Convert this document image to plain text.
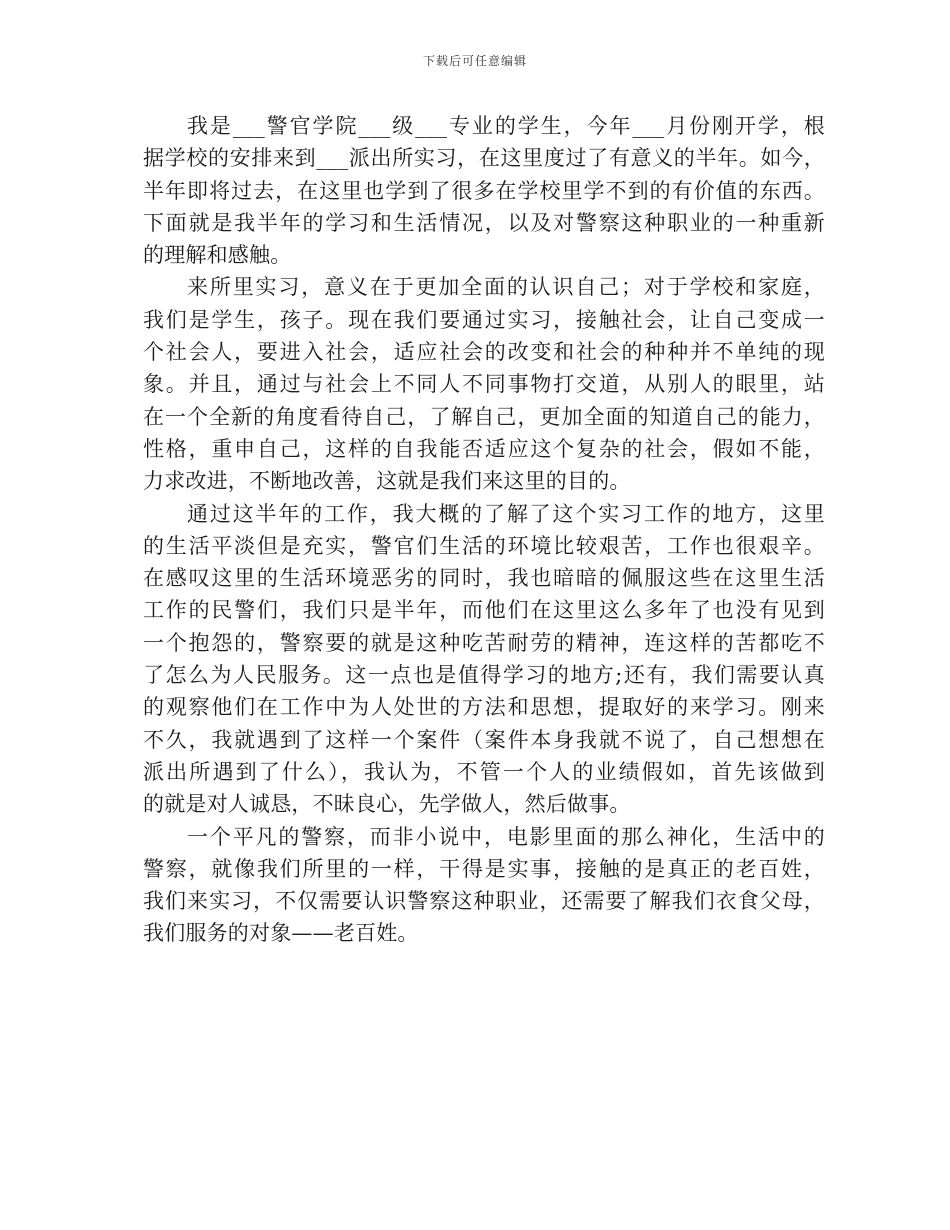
下载后可任意编辑
我是___警官学院___级___专业的学生，今年___月份刚开学，根
据学校的安排来到___派出所实习，在这里度过了有意义的半年。如今，
半年即将过去，在这里也学到了很多在学校里学不到的有价值的东西。
下面就是我半年的学习和生活情况，以及对警察这种职业的一种重新
的理解和感触。
来所里实习，意义在于更加全面的认识自己；对于学校和家庭，
我们是学生，孩子。现在我们要通过实习，接触社会，让自己变成一
个社会人，要进入社会，适应社会的改变和社会的种种并不单纯的现
象。并且，通过与社会上不同人不同事物打交道，从别人的眼里，站
在一个全新的角度看待自己，了解自己，更加全面的知道自己的能力，
性格，重申自己，这样的自我能否适应这个复杂的社会，假如不能，
力求改进，不断地改善，这就是我们来这里的目的。
通过这半年的工作，我大概的了解了这个实习工作的地方，这里
的生活平淡但是充实，警官们生活的环境比较艰苦，工作也很艰辛。
在感叹这里的生活环境恶劣的同时，我也暗暗的佩服这些在这里生活
工作的民警们，我们只是半年，而他们在这里这么多年了也没有见到
一个抱怨的，警察要的就是这种吃苦耐劳的精神，连这样的苦都吃不
了怎么为人民服务。这一点也是值得学习的地方;还有，我们需要认真
的观察他们在工作中为人处世的方法和思想，提取好的来学习。刚来
不久，我就遇到了这样一个案件（案件本身我就不说了，自己想想在
派出所遇到了什么），我认为，不管一个人的业绩假如，首先该做到
的就是对人诚恳，不昧良心，先学做人，然后做事。
一个平凡的警察，而非小说中，电影里面的那么神化，生活中的
警察，就像我们所里的一样，干得是实事，接触的是真正的老百姓，
我们来实习，不仅需要认识警察这种职业，还需要了解我们衣食父母，
我们服务的对象——老百姓。
